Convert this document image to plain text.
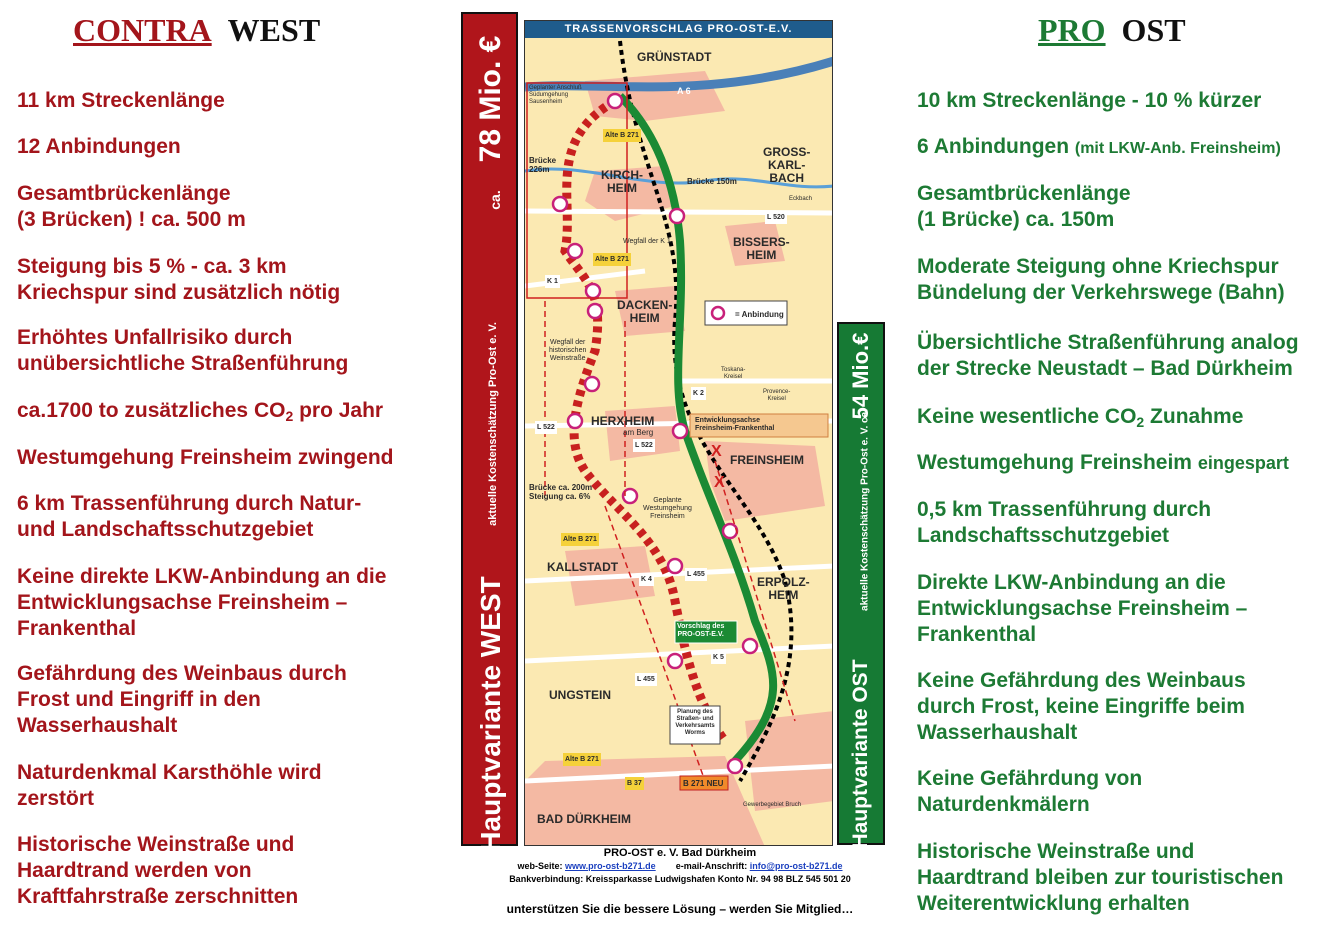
CONTRA WEST
11 km Streckenlänge
12 Anbindungen
Gesamtbrückenlänge
(3 Brücken) ! ca. 500 m
Steigung bis 5 % - ca. 3 km
Kriechspur sind zusätzlich nötig
Erhöhtes Unfallrisiko durch
unübersichtliche Straßenführung
ca.1700 to zusätzliches CO2 pro Jahr
Westumgehung Freinsheim zwingend
6 km Trassenführung durch Natur-
und Landschaftsschutzgebiet
Keine direkte LKW-Anbindung an die
Entwicklungsachse Freinsheim –
Frankenthal
Gefährdung des Weinbaus durch
Frost und Eingriff in den
Wasserhaushalt
Naturdenkmal Karsthöhle wird
zerstört
Historische Weinstraße und
Haardtrand werden von
Kraftfahrstraße zerschnitten
PRO OST
10 km Streckenlänge - 10 % kürzer
6 Anbindungen (mit LKW-Anb. Freinsheim)
Gesamtbrückenlänge
(1 Brücke) ca. 150m
Moderate Steigung ohne Kriechspur
Bündelung der Verkehrswege (Bahn)
Übersichtliche Straßenführung analog
der Strecke Neustadt – Bad Dürkheim
Keine wesentliche CO2 Zunahme
Westumgehung Freinsheim eingespart
0,5 km Trassenführung durch
Landschaftsschutzgebiet
Direkte LKW-Anbindung an die
Entwicklungsachse Freinsheim –
Frankenthal
Keine Gefährdung des Weinbaus
durch Frost, keine Eingriffe beim
Wasserhaushalt
Keine Gefährdung von
Naturdenkmälern
Historische Weinstraße und
Haardtrand bleiben zur touristischen
Weiterentwicklung erhalten
Hauptvariante WEST
aktuelle Kostenschätzung Pro-Ost e. V.
ca.
78 Mio. €
Hauptvariante OST
aktuelle Kostenschätzung Pro-Ost e. V. ca.
54 Mio.€
TRASSENVORSCHLAG PRO-OST-E.V.
GRÜNSTADT
GROSS-
KARL-
BACH
KIRCH-
HEIM
BISSERS-
HEIM
DACKEN-
HEIM
HERXHEIM
FREINSHEIM
KALLSTADT
ERPOLZ-
HEIM
UNGSTEIN
BAD DÜRKHEIM
A 6
Brücke 150m
Brücke
226m
Brücke ca. 200m
Steigung ca. 6%
Geplanter Anschluß
Südumgehung
Sausenheim
= Anbindung
Wegfall der K 1
Wegfall der
historischen
Weinstraße
Entwicklungsachse
Freinsheim-Frankenthal
Geplante
Westumgehung
Freinsheim
Vorschlag des
PRO-OST-E.V.
Planung des
Straßen- und
Verkehrsamts
Worms
Gewerbegebiet Bruch
am Berg
Toskana-
Kreisel
Provence-
Kreisel
Eckbach
Alte B 271
Alte B 271
Alte B 271
Alte B 271
B 271 NEU
B 37
L 520
L 522
L 522
L 455
L 455
K 1
K 2
K 4
K 5
X
X
PRO-OST e. V. Bad Dürkheim
web-Seite: www.pro-ost-b271.de e-mail-Anschrift: info@pro-ost-b271.de
Bankverbindung: Kreissparkasse Ludwigshafen Konto Nr. 94 98 BLZ 545 501 20
unterstützen Sie die bessere Lösung – werden Sie Mitglied…
